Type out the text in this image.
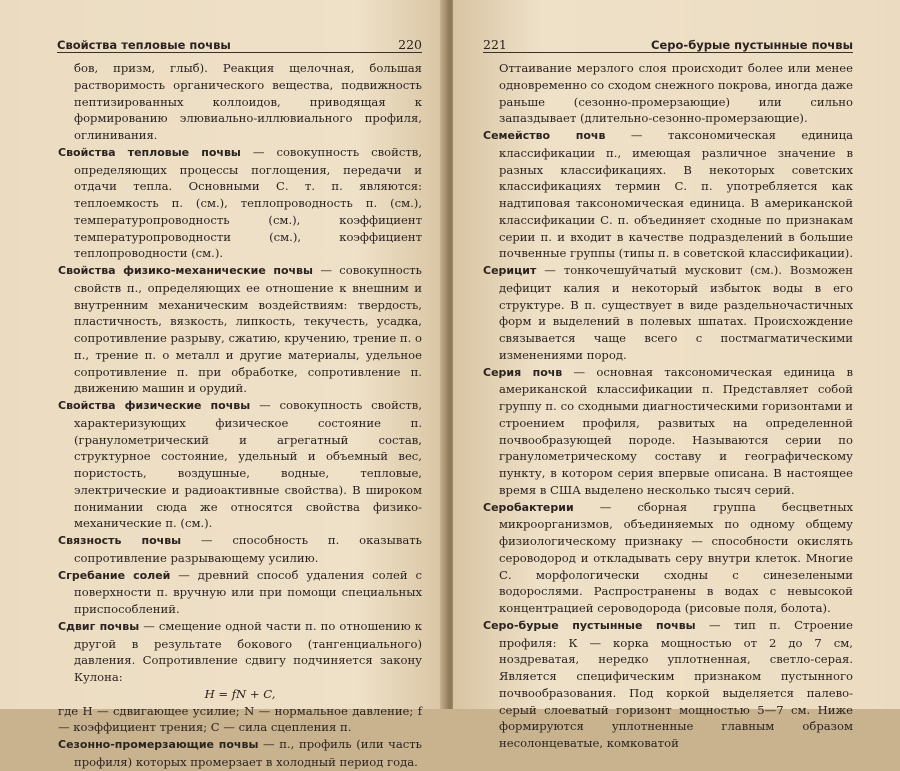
Свойства тепловые почвы	220

бов, призм, глыб). Реакция щелочная, большая растворимость органического вещества, подвижность пептизированных коллоидов, приводящая к формированию элювиально-иллювиального профиля, оглинивания.

Свойства тепловые почвы — совокупность свойств, определяющих процессы поглощения, передачи и отдачи тепла. Основными С. т. п. являются: теплоемкость п. (см.), теплопроводность п. (см.), температуропроводность (см.), коэффициент температуропроводности (см.), коэффициент теплопроводности (см.).

Свойства физико-механические почвы — совокупность свойств п., определяющих ее отношение к внешним и внутренним механическим воздействиям: твердость, пластичность, вязкость, липкость, текучесть, усадка, сопротивление разрыву, сжатию, кручению, трение п. о п., трение п. о металл и другие материалы, удельное сопротивление п. при обработке, сопротивление п. движению машин и орудий.

Свойства физические почвы — совокупность свойств, характеризующих физическое состояние п. (гранулометрический и агрегатный состав, структурное состояние, удельный и объемный вес, пористость, воздушные, водные, тепловые, электрические и радиоактивные свойства). В широком понимании сюда же относятся свойства физико-механические п. (см.).

Связность почвы — способность п. оказывать сопротивление разрывающему усилию.

Сгребание солей — древний способ удаления солей с поверхности п. вручную или при помощи специальных приспособлений.

Сдвиг почвы — смещение одной части п. по отношению к другой в результате бокового (тангенциального) давления. Сопротивление сдвигу подчиняется закону Кулона:

H = fN + C,

где H — сдвигающее усилие; N — нормальное давление; f — коэффициент трения; C — сила сцепления п.

Сезонно-промерзающие почвы — п., профиль (или часть профиля) которых промерзает в холодный период года.

221	Серо-бурые пустынные почвы

Оттаивание мерзлого слоя происходит более или менее одновременно со сходом снежного покрова, иногда даже раньше (сезонно-промерзающие) или сильно запаздывает (длительно-сезонно-промерзающие).

Семейство почв — таксономическая единица классификации п., имеющая различное значение в разных классификациях. В некоторых советских классификациях термин С. п. употребляется как надтиповая таксономическая единица. В американской классификации С. п. объединяет сходные по признакам серии п. и входит в качестве подразделений в большие почвенные группы (типы п. в советской классификации).

Серицит — тонкочешуйчатый мусковит (см.). Возможен дефицит калия и некоторый избыток воды в его структуре. В п. существует в виде раздельночастичных форм и выделений в полевых шпатах. Происхождение связывается чаще всего с постмагматическими изменениями пород.

Серия почв — основная таксономическая единица в американской классификации п. Представляет собой группу п. со сходными диагностическими горизонтами и строением профиля, развитых на определенной почвообразующей породе. Называются серии по гранулометрическому составу и географическому пункту, в котором серия впервые описана. В настоящее время в США выделено несколько тысяч серий.

Серобактерии — сборная группа бесцветных микроорганизмов, объединяемых по одному общему физиологическому признаку — способности окислять сероводород и откладывать серу внутри клеток. Многие С. морфологически сходны с синезелеными водорослями. Распространены в водах с невысокой концентрацией сероводорода (рисовые поля, болота).

Серо-бурые пустынные почвы — тип п. Строение профиля: К — корка мощностью от 2 до 7 см, ноздреватая, нередко уплотненная, светло-серая. Является специфическим признаком пустынного почвообразования. Под коркой выделяется палево-серый слоеватый горизонт мощностью 5—7 см. Ниже формируются уплотненные главным образом несолонцеватые, комковатой
